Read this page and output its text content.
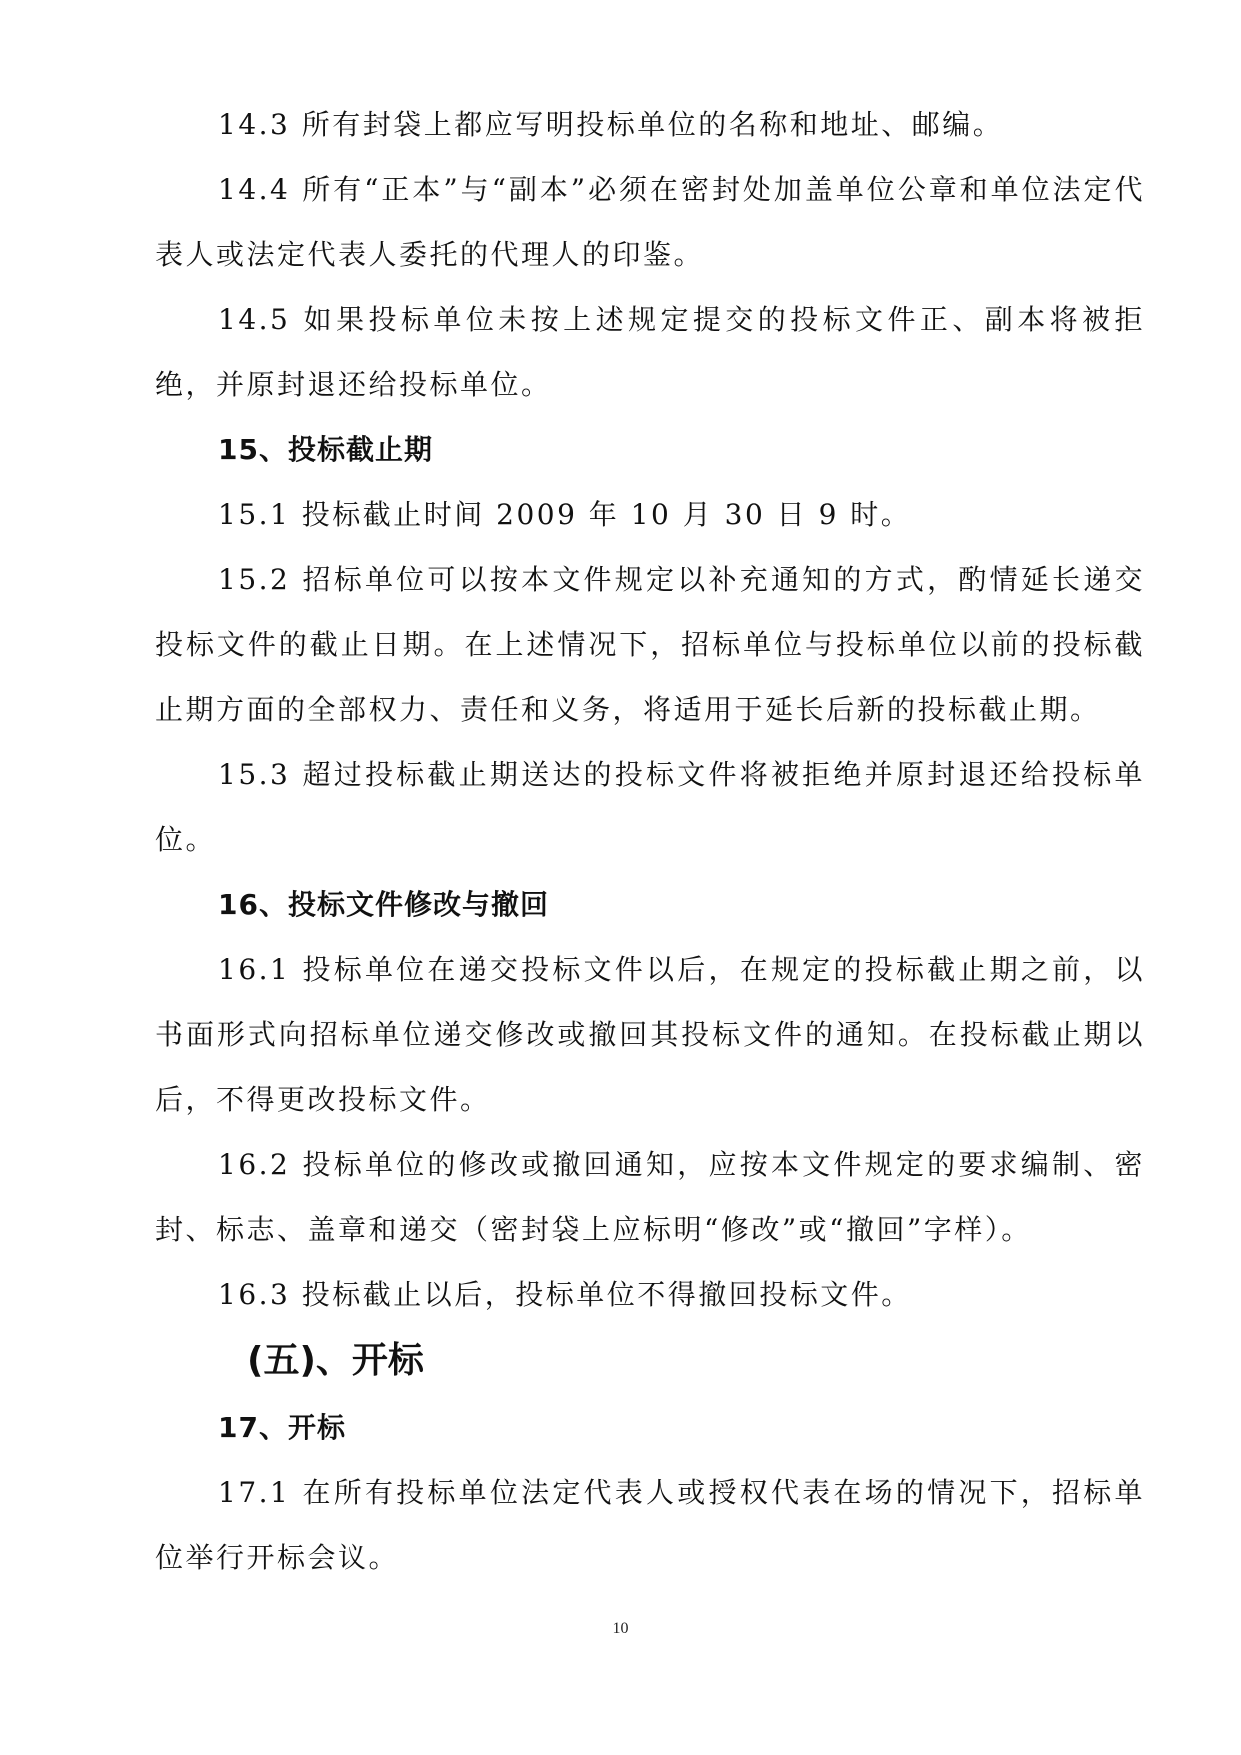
14.3 所有封袋上都应写明投标单位的名称和地址、邮编。

14.4 所有“正本”与“副本”必须在密封处加盖单位公章和单位法定代表人或法定代表人委托的代理人的印鉴。

14.5 如果投标单位未按上述规定提交的投标文件正、副本将被拒绝，并原封退还给投标单位。

15、投标截止期

15.1 投标截止时间 2009 年 10 月 30 日 9 时。

15.2 招标单位可以按本文件规定以补充通知的方式，酌情延长递交投标文件的截止日期。在上述情况下，招标单位与投标单位以前的投标截止期方面的全部权力、责任和义务，将适用于延长后新的投标截止期。

15.3 超过投标截止期送达的投标文件将被拒绝并原封退还给投标单位。

16、投标文件修改与撤回

16.1 投标单位在递交投标文件以后，在规定的投标截止期之前，以书面形式向招标单位递交修改或撤回其投标文件的通知。在投标截止期以后，不得更改投标文件。

16.2 投标单位的修改或撤回通知，应按本文件规定的要求编制、密封、标志、盖章和递交（密封袋上应标明“修改”或“撤回”字样）。

16.3 投标截止以后，投标单位不得撤回投标文件。

(五)、开标

17、开标

17.1 在所有投标单位法定代表人或授权代表在场的情况下，招标单位举行开标会议。

10
